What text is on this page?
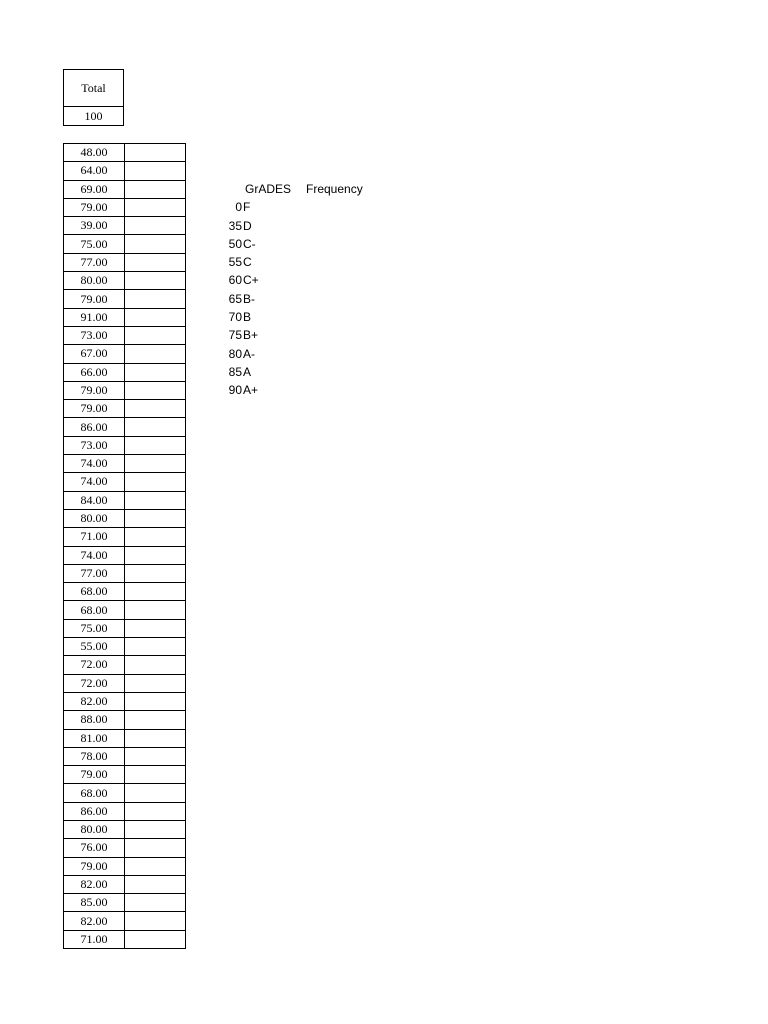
Total
100
48.00	
64.00	
69.00	
79.00	
39.00	
75.00	
77.00	
80.00	
79.00	
91.00	
73.00	
67.00	
66.00	
79.00	
79.00	
86.00	
73.00	
74.00	
74.00	
84.00	
80.00	
71.00	
74.00	
77.00	
68.00	
68.00	
75.00	
55.00	
72.00	
72.00	
82.00	
88.00	
81.00	
78.00	
79.00	
68.00	
86.00	
80.00	
76.00	
79.00	
82.00	
85.00	
82.00	
71.00	
GrADES Frequency
0F
35D
50C-
55C
60C+
65B-
70B
75B+
80A-
85A
90A+
